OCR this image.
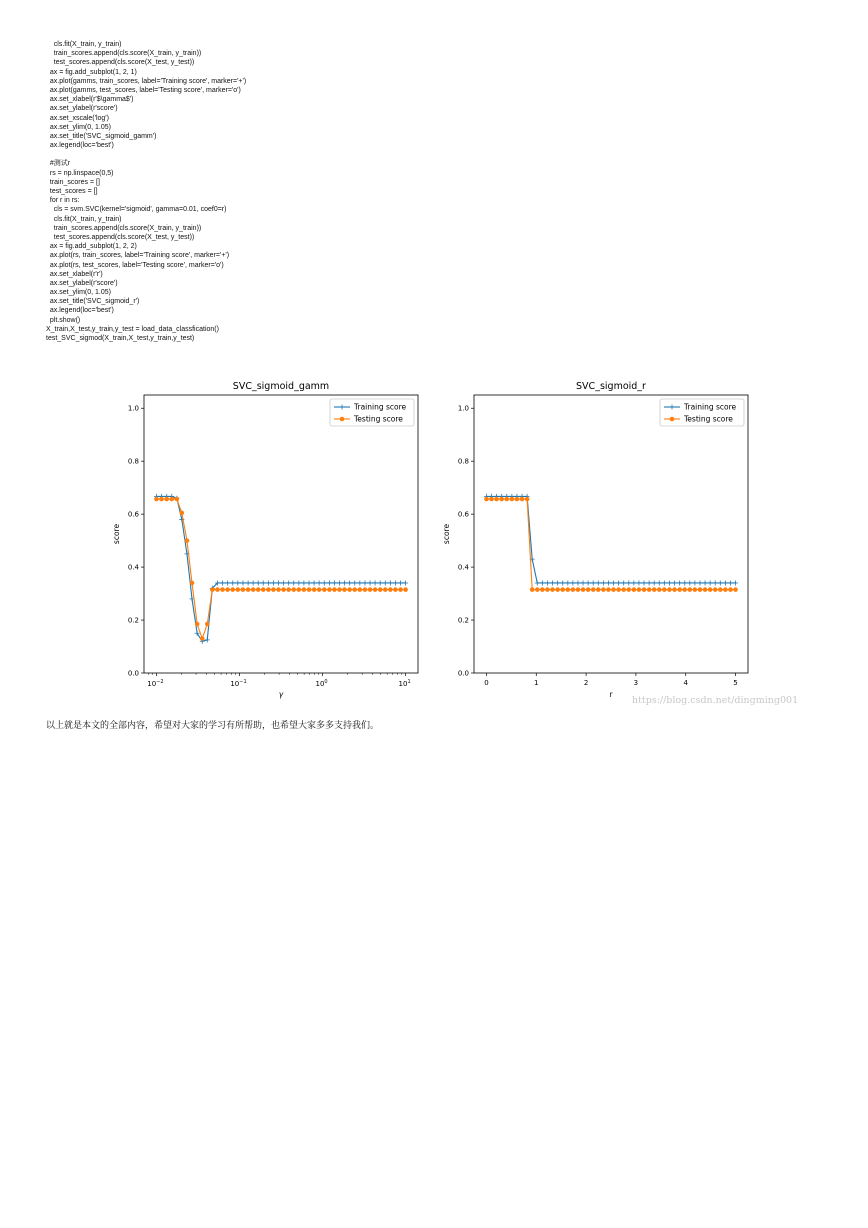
cls.fit(X_train, y_train)
train_scores.append(cls.score(X_train, y_train))
test_scores.append(cls.score(X_test, y_test))
ax = fig.add_subplot(1, 2, 1)
ax.plot(gamms, train_scores, label='Training score', marker='+')
ax.plot(gamms, test_scores, label='Testing score', marker='o')
ax.set_xlabel(r'$\gamma$')
ax.set_ylabel(r'score')
ax.set_xscale('log')
ax.set_ylim(0, 1.05)
ax.set_title('SVC_sigmoid_gamm')
ax.legend(loc='best')
#测试r
rs = np.linspace(0,5)
train_scores = []
test_scores = []
for r in rs:
cls = svm.SVC(kernel='sigmoid', gamma=0.01, coef0=r)
cls.fit(X_train, y_train)
train_scores.append(cls.score(X_train, y_train))
test_scores.append(cls.score(X_test, y_test))
ax = fig.add_subplot(1, 2, 2)
ax.plot(rs, train_scores, label='Training score', marker='+')
ax.plot(rs, test_scores, label='Testing score', marker='o')
ax.set_xlabel(r'r')
ax.set_ylabel(r'score')
ax.set_ylim(0, 1.05)
ax.set_title('SVC_sigmoid_r')
ax.legend(loc='best')
plt.show()
X_train,X_test,y_train,y_test = load_data_classfication()
test_SVC_sigmod(X_train,X_test,y_train,y_test)
SVC_sigmoid_gamm
0.0
0.2
0.4
0.6
0.8
1.0
$10^{-2}$	$10^{-1}$	$10^0$	$10^1$
γ
score
Training score
Testing score
SVC_sigmoid_r
0.0
0.2
0.4
0.6
0.8
1.0
0	1	2	3	4	5
r
score
Training score
Testing score
以上就是本文的全部内容，希望对大家的学习有所帮助，也希望大家多多支持我们。
https://blog.csdn.net/dingming001
